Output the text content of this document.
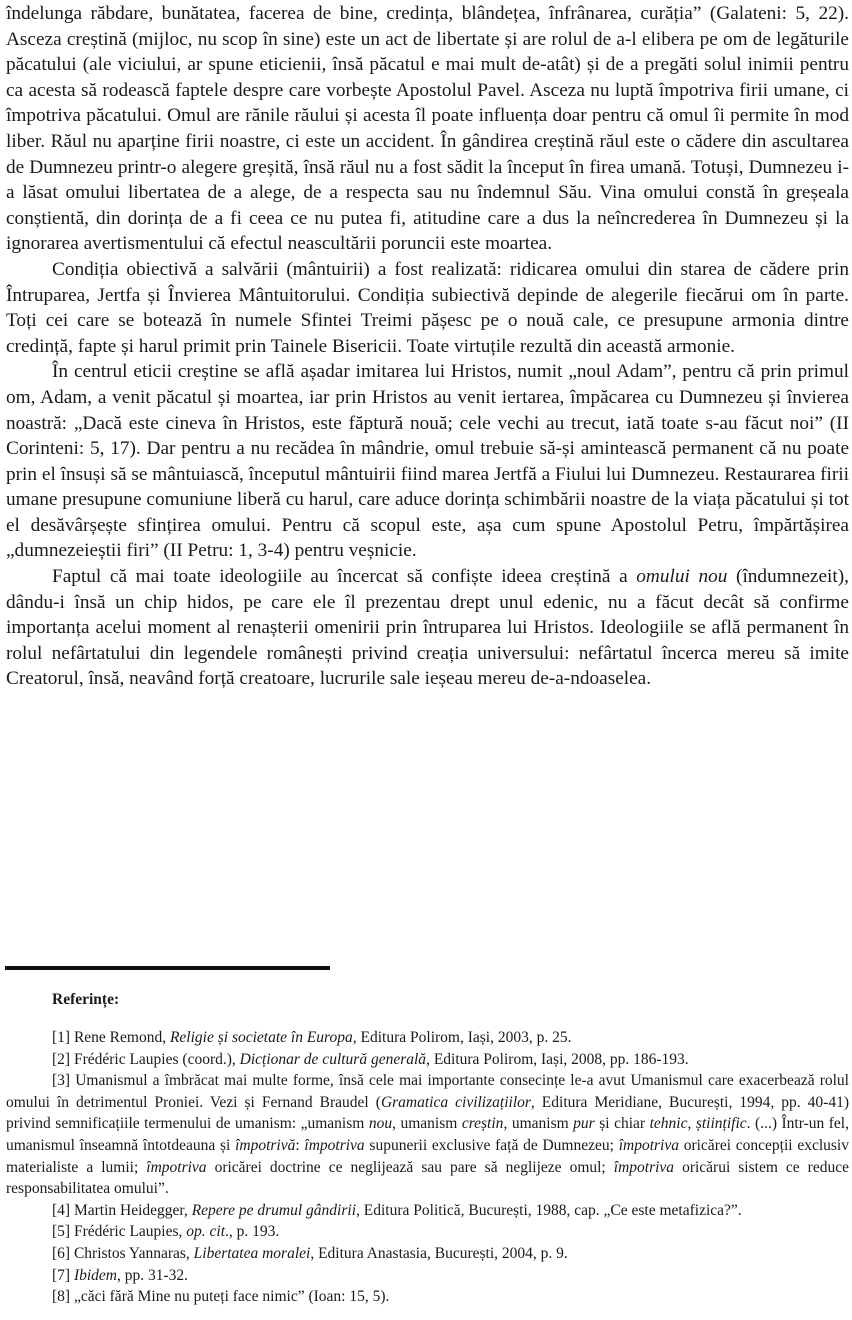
îndelunga răbdare, bunătatea, facerea de bine, credința, blândețea, înfrânarea, curăția” (Galateni: 5, 22). Asceza creștină (mijloc, nu scop în sine) este un act de libertate și are rolul de a-l elibera pe om de legăturile păcatului (ale viciului, ar spune eticienii, însă păcatul e mai mult de-atât) și de a pregăti solul inimii pentru ca acesta să rodească faptele despre care vorbește Apostolul Pavel. Asceza nu luptă împotriva firii umane, ci împotriva păcatului. Omul are rănile răului și acesta îl poate influența doar pentru că omul îi permite în mod liber. Răul nu aparține firii noastre, ci este un accident. În gândirea creștină răul este o cădere din ascultarea de Dumnezeu printr-o alegere greșită, însă răul nu a fost sădit la început în firea umană. Totuși, Dumnezeu i-a lăsat omului libertatea de a alege, de a respecta sau nu îndemnul Său. Vina omului constă în greșeala conștientă, din dorința de a fi ceea ce nu putea fi, atitudine care a dus la neîncrederea în Dumnezeu și la ignorarea avertismentului că efectul neascultării poruncii este moartea.

Condiția obiectivă a salvării (mântuirii) a fost realizată: ridicarea omului din starea de cădere prin Întruparea, Jertfa și Învierea Mântuitorului. Condiția subiectivă depinde de alegerile fiecărui om în parte. Toți cei care se botează în numele Sfintei Treimi pășesc pe o nouă cale, ce presupune armonia dintre credință, fapte și harul primit prin Tainele Bisericii. Toate virtuțile rezultă din această armonie.

În centrul eticii creștine se află așadar imitarea lui Hristos, numit „noul Adam”, pentru că prin primul om, Adam, a venit păcatul și moartea, iar prin Hristos au venit iertarea, împăcarea cu Dumnezeu și învierea noastră: „Dacă este cineva în Hristos, este făptură nouă; cele vechi au trecut, iată toate s-au făcut noi” (II Corinteni: 5, 17). Dar pentru a nu recădea în mândrie, omul trebuie să-și amintească permanent că nu poate prin el însuși să se mântuiască, începutul mântuirii fiind marea Jertfă a Fiului lui Dumnezeu. Restaurarea firii umane presupune comuniune liberă cu harul, care aduce dorința schimbării noastre de la viața păcatului și tot el desăvârșește sfințirea omului. Pentru că scopul este, așa cum spune Apostolul Petru, împărtășirea „dumnezeieștii firi” (II Petru: 1, 3-4) pentru veșnicie.

Faptul că mai toate ideologiile au încercat să confiște ideea creștină a omului nou (îndumnezeit), dându-i însă un chip hidos, pe care ele îl prezentau drept unul edenic, nu a făcut decât să confirme importanța acelui moment al renașterii omenirii prin întruparea lui Hristos. Ideologiile se află permanent în rolul nefârtatului din legendele românești privind creația universului: nefârtatul încerca mereu să imite Creatorul, însă, neavând forță creatoare, lucrurile sale ieșeau mereu de-a-ndoaselea.

Referințe:

[1] Rene Remond, Religie și societate în Europa, Editura Polirom, Iași, 2003, p. 25.

[2] Frédéric Laupies (coord.), Dicționar de cultură generală, Editura Polirom, Iași, 2008, pp. 186-193.

[3] Umanismul a îmbrăcat mai multe forme, însă cele mai importante consecințe le-a avut Umanismul care exacerbează rolul omului în detrimentul Proniei. Vezi și Fernand Braudel (Gramatica civilizațiilor, Editura Meridiane, București, 1994, pp. 40-41) privind semnificațiile termenului de umanism: „umanism nou, umanism creștin, umanism pur și chiar tehnic, științific. (...) Într-un fel, umanismul înseamnă întotdeauna și împotrivă: împotriva supunerii exclusive față de Dumnezeu; împotriva oricărei concepții exclusiv materialiste a lumii; împotriva oricărei doctrine ce neglijează sau pare să neglijeze omul; împotriva oricărui sistem ce reduce responsabilitatea omului”.

[4] Martin Heidegger, Repere pe drumul gândirii, Editura Politică, București, 1988, cap. „Ce este metafizica?”.

[5] Frédéric Laupies, op. cit., p. 193.

[6] Christos Yannaras, Libertatea moralei, Editura Anastasia, București, 2004, p. 9.

[7] Ibidem, pp. 31-32.

[8] „căci fără Mine nu puteți face nimic” (Ioan: 15, 5).
